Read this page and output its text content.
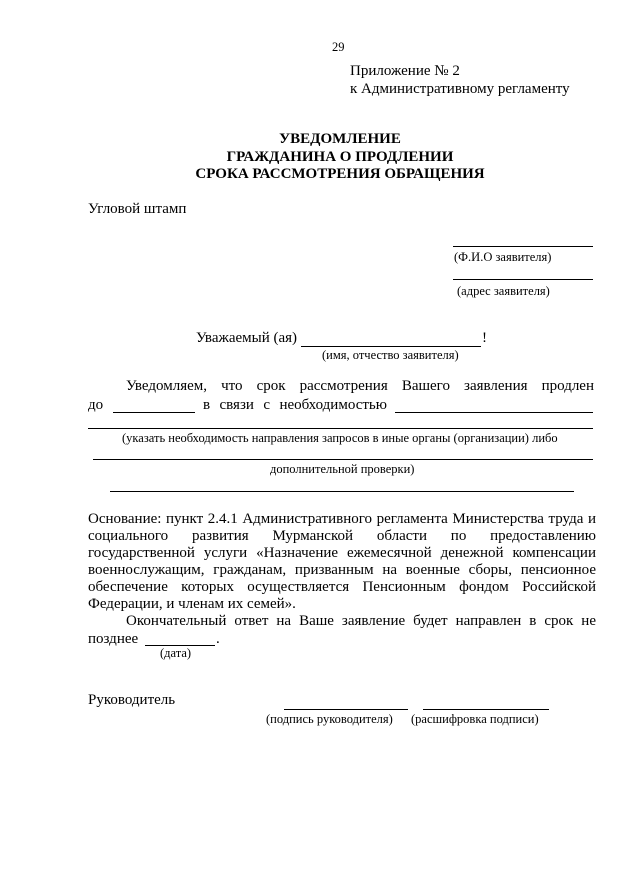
29
Приложение № 2
к Административному регламенту
УВЕДОМЛЕНИЕ
ГРАЖДАНИНА О ПРОДЛЕНИИ
СРОКА РАССМОТРЕНИЯ ОБРАЩЕНИЯ
Угловой штамп
(Ф.И.О заявителя)
(адрес заявителя)
Уважаемый (ая)	!
(имя, отчество заявителя)
Уведомляем, что срок рассмотрения Вашего заявления продлен
до	в связи с необходимостью
(указать необходимость направления запросов в иные органы (организации) либо
дополнительной проверки)
Основание: пункт 2.4.1 Административного регламента Министерства труда и
социального развития Мурманской области по предоставлению
государственной услуги «Назначение ежемесячной денежной компенсации
военнослужащим, гражданам, призванным на военные сборы, пенсионное
обеспечение которых осуществляется Пенсионным фондом Российской
Федерации, и членам их семей».
Окончательный ответ на Ваше заявление будет направлен в срок не
позднее	.
(дата)
Руководитель
(подпись руководителя) (расшифровка подписи)
